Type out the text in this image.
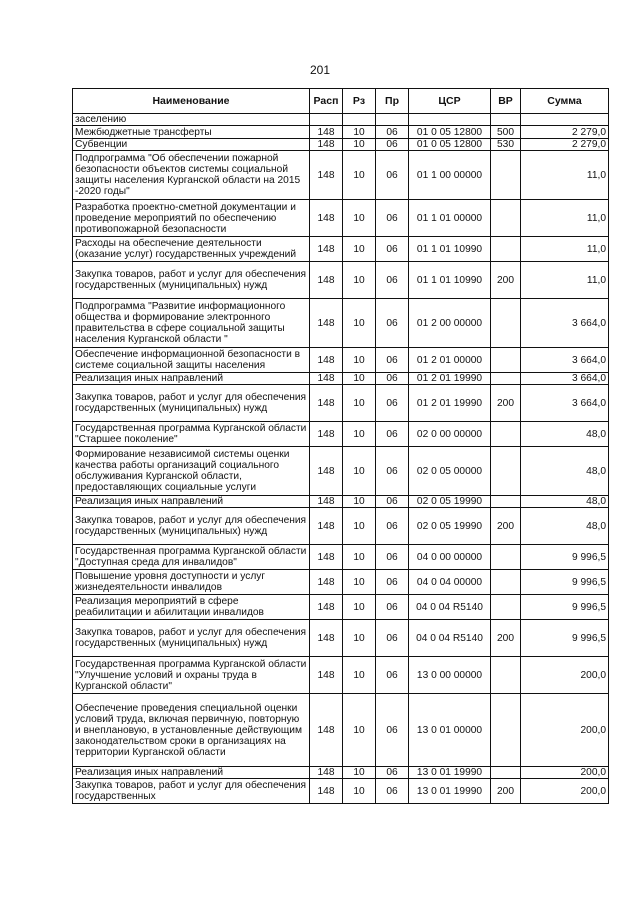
201
Наименование	Расп	Рз	Пр	ЦСР	ВР	Сумма
заселению						
Межбюджетные трансферты	148	10	06	01 0 05 12800	500	2 279,0
Субвенции	148	10	06	01 0 05 12800	530	2 279,0
Подпрограмма "Об обеспечении пожарной безопасности объектов системы социальной защиты населения Курганской области на 2015 -2020 годы"	148	10	06	01 1 00 00000		11,0
Разработка проектно-сметной документации и проведение мероприятий по обеспечению противопожарной безопасности	148	10	06	01 1 01 00000		11,0
Расходы на обеспечение деятельности (оказание услуг) государственных учреждений	148	10	06	01 1 01 10990		11,0
Закупка товаров, работ и услуг для обеспечения государственных (муниципальных) нужд	148	10	06	01 1 01 10990	200	11,0
Подпрограмма "Развитие информационного общества и формирование электронного правительства в сфере социальной защиты населения Курганской области "	148	10	06	01 2 00 00000		3 664,0
Обеспечение информационной безопасности в системе социальной защиты населения	148	10	06	01 2 01 00000		3 664,0
Реализация иных направлений	148	10	06	01 2 01 19990		3 664,0
Закупка товаров, работ и услуг для обеспечения государственных (муниципальных) нужд	148	10	06	01 2 01 19990	200	3 664,0
Государственная программа Курганской области "Старшее поколение"	148	10	06	02 0 00 00000		48,0
Формирование независимой системы оценки качества работы организаций социального обслуживания Курганской области, предоставляющих социальные услуги	148	10	06	02 0 05 00000		48,0
Реализация иных направлений	148	10	06	02 0 05 19990		48,0
Закупка товаров, работ и услуг для обеспечения государственных (муниципальных) нужд	148	10	06	02 0 05 19990	200	48,0
Государственная программа Курганской области "Доступная среда для инвалидов"	148	10	06	04 0 00 00000		9 996,5
Повышение уровня доступности и услуг жизнедеятельности инвалидов	148	10	06	04 0 04 00000		9 996,5
Реализация мероприятий в сфере реабилитации и абилитации инвалидов	148	10	06	04 0 04 R5140		9 996,5
Закупка товаров, работ и услуг для обеспечения государственных (муниципальных) нужд	148	10	06	04 0 04 R5140	200	9 996,5
Государственная программа Курганской области "Улучшение условий и охраны труда в Курганской области"	148	10	06	13 0 00 00000		200,0
Обеспечение проведения специальной оценки условий труда, включая первичную, повторную и внеплановую, в установленные действующим законодательством сроки в организациях на территории Курганской области	148	10	06	13 0 01 00000		200,0
Реализация иных направлений	148	10	06	13 0 01 19990		200,0
Закупка товаров, работ и услуг для обеспечения государственных	148	10	06	13 0 01 19990	200	200,0
